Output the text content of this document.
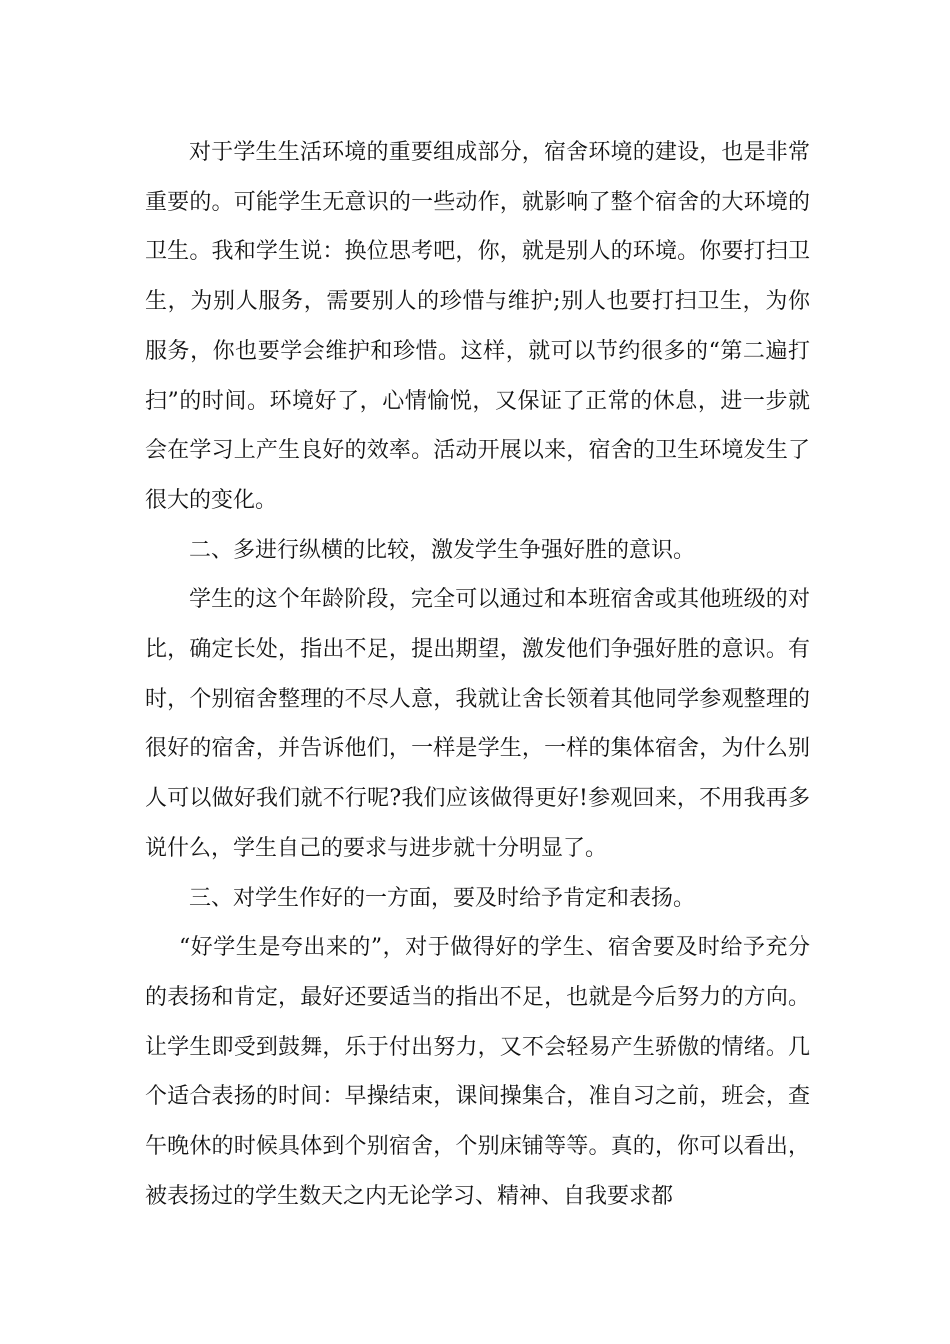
对于学生生活环境的重要组成部分，宿舍环境的建设，也是非常重要的。可能学生无意识的一些动作，就影响了整个宿舍的大环境的卫生。我和学生说：换位思考吧，你，就是别人的环境。你要打扫卫生，为别人服务，需要别人的珍惜与维护;别人也要打扫卫生，为你服务，你也要学会维护和珍惜。这样，就可以节约很多的“第二遍打扫”的时间。环境好了，心情愉悦，又保证了正常的休息，进一步就会在学习上产生良好的效率。活动开展以来，宿舍的卫生环境发生了很大的变化。

二、多进行纵横的比较，激发学生争强好胜的意识。

学生的这个年龄阶段，完全可以通过和本班宿舍或其他班级的对比，确定长处，指出不足，提出期望，激发他们争强好胜的意识。有时，个别宿舍整理的不尽人意，我就让舍长领着其他同学参观整理的很好的宿舍，并告诉他们，一样是学生，一样的集体宿舍，为什么别人可以做好我们就不行呢?我们应该做得更好!参观回来，不用我再多说什么，学生自己的要求与进步就十分明显了。

三、对学生作好的一方面，要及时给予肯定和表扬。

“好学生是夸出来的”，对于做得好的学生、宿舍要及时给予充分的表扬和肯定，最好还要适当的指出不足，也就是今后努力的方向。让学生即受到鼓舞，乐于付出努力，又不会轻易产生骄傲的情绪。几个适合表扬的时间：早操结束，课间操集合，准自习之前，班会，查午晚休的时候具体到个别宿舍，个别床铺等等。真的，你可以看出，被表扬过的学生数天之内无论学习、精神、自我要求都
